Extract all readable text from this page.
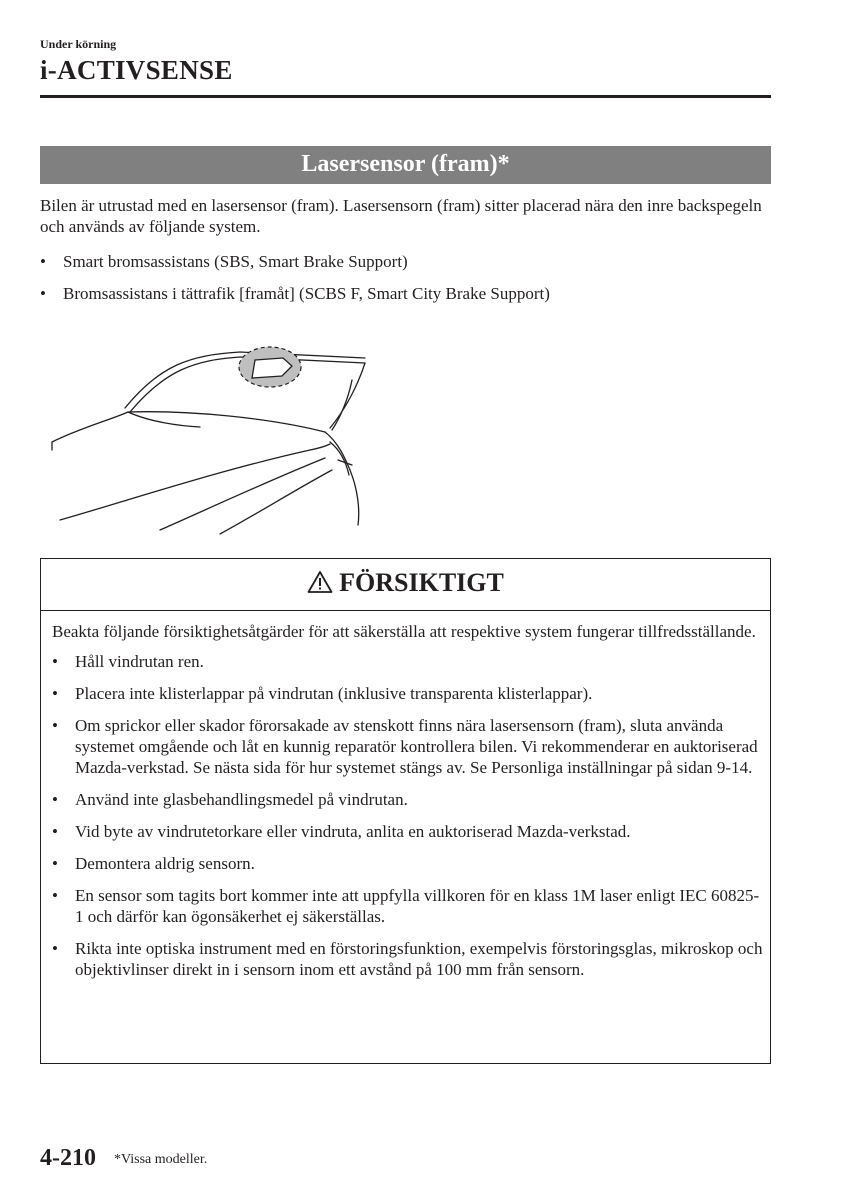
Under körning
i-ACTIVSENSE
Lasersensor (fram)*
Bilen är utrustad med en lasersensor (fram). Lasersensorn (fram) sitter placerad nära den inre backspegeln och används av följande system.
• Smart bromsassistans (SBS, Smart Brake Support)
• Bromsassistans i tättrafik [framåt] (SCBS F, Smart City Brake Support)
FÖRSIKTIGT

Beakta följande försiktighetsåtgärder för att säkerställa att respektive system fungerar tillfredsställande.

• Håll vindrutan ren.
• Placera inte klisterlappar på vindrutan (inklusive transparenta klisterlappar).
• Om sprickor eller skador förorsakade av stenskott finns nära lasersensorn (fram), sluta använda systemet omgående och låt en kunnig reparatör kontrollera bilen. Vi rekommenderar en auktoriserad Mazda-verkstad. Se nästa sida för hur systemet stängs av. Se Personliga inställningar på sidan 9-14.
• Använd inte glasbehandlingsmedel på vindrutan.
• Vid byte av vindrutetorkare eller vindruta, anlita en auktoriserad Mazda-verkstad.
• Demontera aldrig sensorn.
• En sensor som tagits bort kommer inte att uppfylla villkoren för en klass 1M laser enligt IEC 60825-1 och därför kan ögonsäkerhet ej säkerställas.
• Rikta inte optiska instrument med en förstoringsfunktion, exempelvis förstoringsglas, mikroskop och objektivlinser direkt in i sensorn inom ett avstånd på 100 mm från sensorn.
4-210 *Vissa modeller.
